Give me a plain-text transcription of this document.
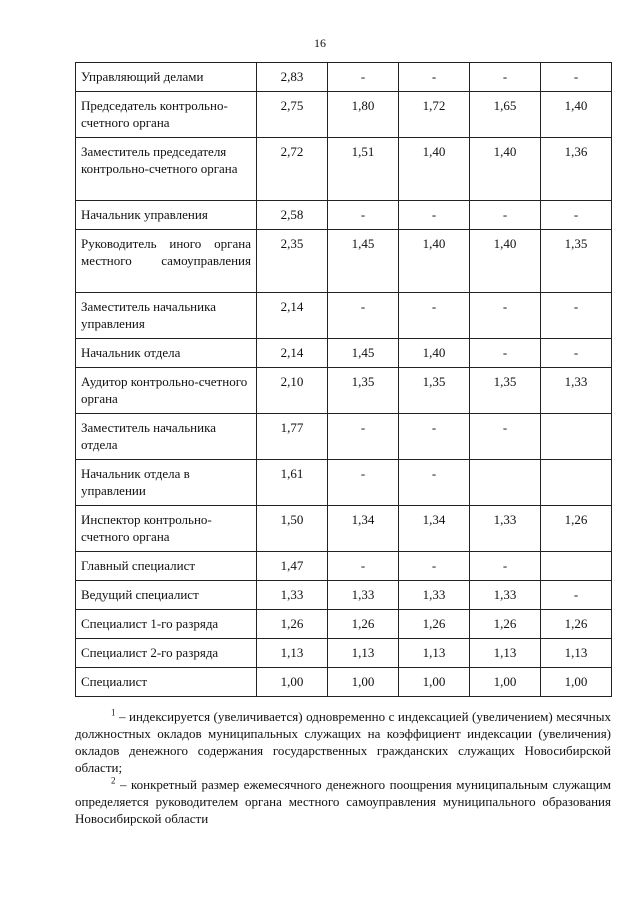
16
Управляющий делами	2,83	-	-	-	-
Председатель контрольно-счетного органа	2,75	1,80	1,72	1,65	1,40
Заместитель председателя контрольно-счетного органа	2,72	1,51	1,40	1,40	1,36
Начальник управления	2,58	-	-	-	-
Руководитель иного органа местного самоуправления	2,35	1,45	1,40	1,40	1,35
Заместитель начальника управления	2,14	-	-	-	-
Начальник отдела	2,14	1,45	1,40	-	-
Аудитор контрольно-счетного органа	2,10	1,35	1,35	1,35	1,33
Заместитель начальника отдела	1,77	-	-	-	
Начальник отдела в управлении	1,61	-	-		
Инспектор контрольно-счетного органа	1,50	1,34	1,34	1,33	1,26
Главный специалист	1,47	-	-	-	
Ведущий специалист	1,33	1,33	1,33	1,33	-
Специалист 1-го разряда	1,26	1,26	1,26	1,26	1,26
Специалист 2-го разряда	1,13	1,13	1,13	1,13	1,13
Специалист	1,00	1,00	1,00	1,00	1,00

$^1$ – индексируется (увеличивается) одновременно с индексацией (увеличением) месячных должностных окладов муниципальных служащих на коэффициент индексации (увеличения) окладов денежного содержания государственных гражданских служащих Новосибирской области;

$^2$ – конкретный размер ежемесячного денежного поощрения муниципальным служащим определяется руководителем органа местного самоуправления муниципального образования Новосибирской области
